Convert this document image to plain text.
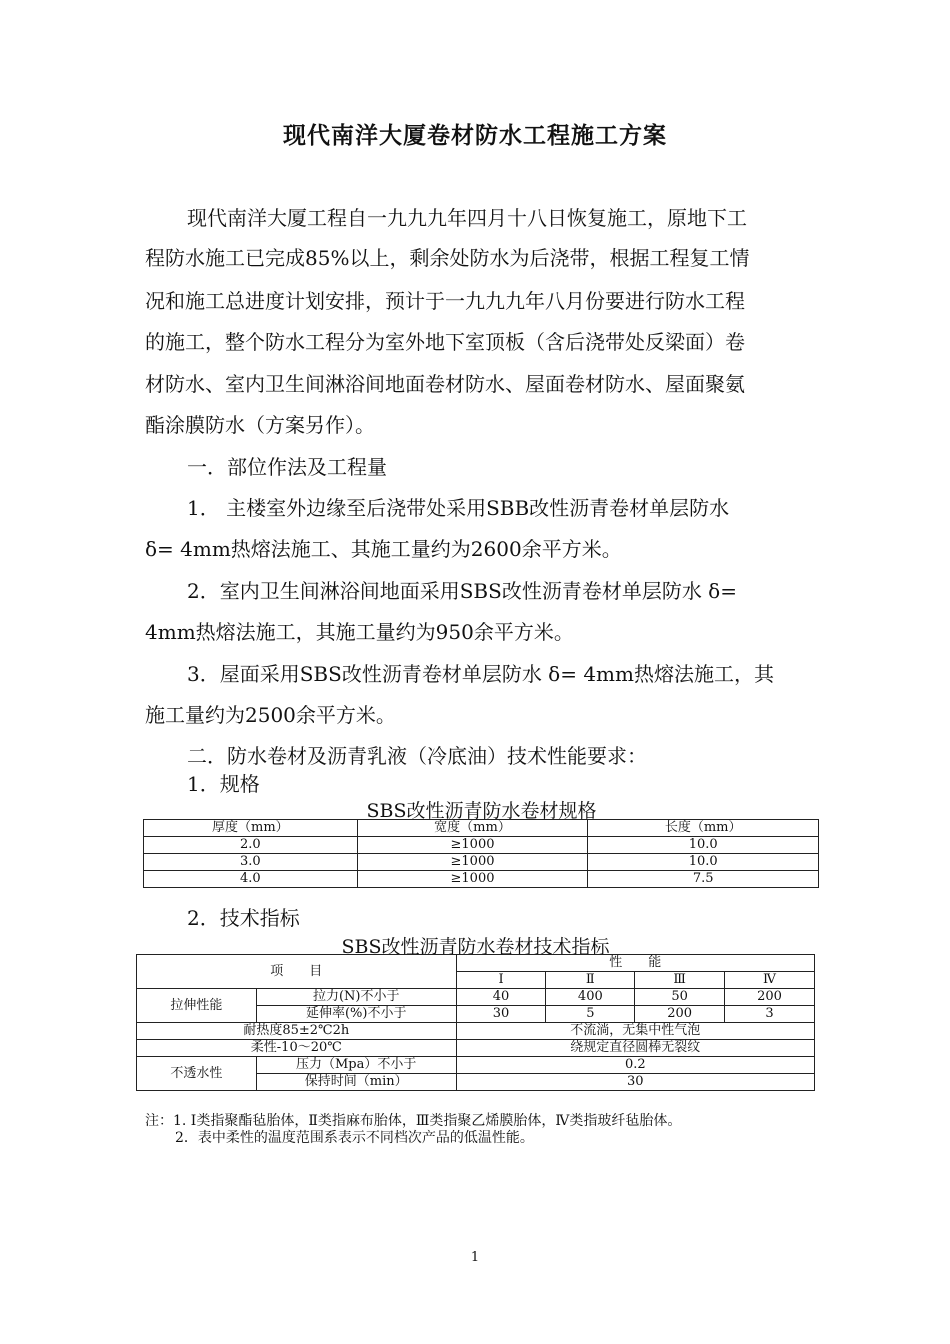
现代南洋大厦卷材防水工程施工方案
现代南洋大厦工程自一九九九年四月十八日恢复施工，原地下工
程防水施工已完成85%以上，剩余处防水为后浇带，根据工程复工情
况和施工总进度计划安排，预计于一九九九年八月份要进行防水工程
的施工，整个防水工程分为室外地下室顶板（含后浇带处反梁面）卷
材防水、室内卫生间淋浴间地面卷材防水、屋面卷材防水、屋面聚氨
酯涂膜防水（方案另作）。
一．部位作法及工程量
1． 主楼室外边缘至后浇带处采用SBB改性沥青卷材单层防水
δ= 4mm热熔法施工、其施工量约为2600余平方米。
2．室内卫生间淋浴间地面采用SBS改性沥青卷材单层防水 δ=
4mm热熔法施工，其施工量约为950余平方米。
3．屋面采用SBS改性沥青卷材单层防水 δ= 4mm热熔法施工，其
施工量约为2500余平方米。
二．防水卷材及沥青乳液（冷底油）技术性能要求：
1．规格
SBS改性沥青防水卷材规格
厚度（mm）	宽度（mm）	长度（mm）
2.0	≥1000	10.0
3.0	≥1000	10.0
4.0	≥1000	7.5
2．技术指标
SBS改性沥青防水卷材技术指标
项　　目		性　　能			
		Ⅰ	Ⅱ	Ⅲ	Ⅳ
拉伸性能	拉力(N)不小于	40	400	50	200
	延伸率(%)不小于	30	5	200	3
耐热度85±2℃2h		不流淌，无集中性气泡			
柔性-10～20℃		绕规定直径圆棒无裂纹			
不透水性	压力（Mpa）不小于	0.2			
	保持时间（min）	30			
注：1. Ⅰ类指聚酯毡胎体，Ⅱ类指麻布胎体，Ⅲ类指聚乙烯膜胎体，Ⅳ类指玻纤毡胎体。
2．表中柔性的温度范围系表示不同档次产品的低温性能。
1
